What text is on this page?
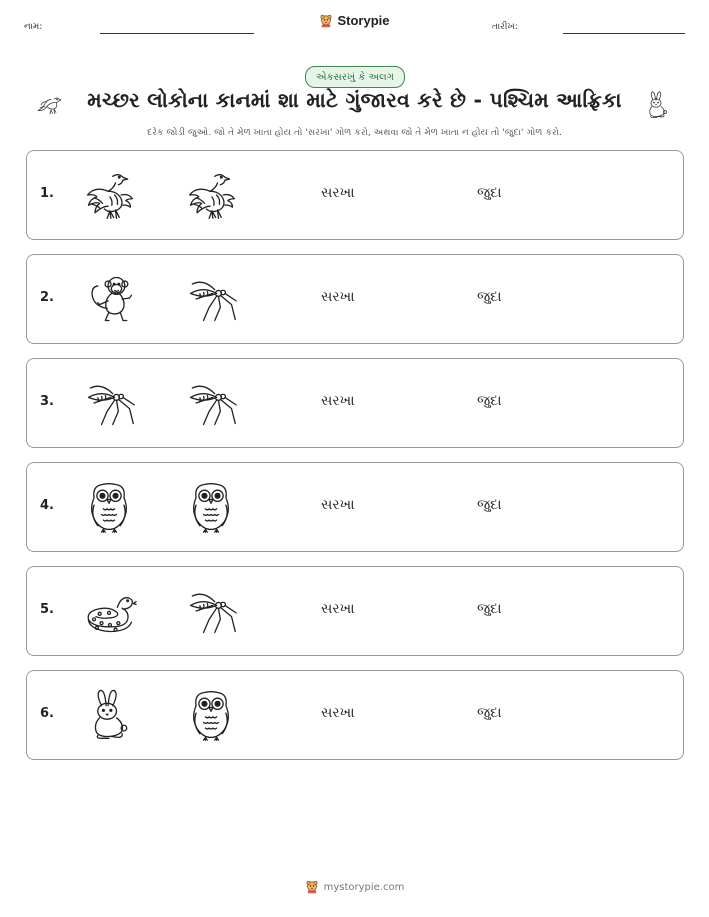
નામ:	Storypie	તારીખ:
એકસરખું કે અલગ
મચ્છર લોકોના કાનમાં શા માટે ગુંજારવ કરે છે - પશ્ચિમ આફ્રિકા
દરેક જોડી જુઓ. જો તે મેળ ખાતા હોય તો 'સરખા' ગોળ કરો, અથવા જો તે મેળ ખાતા ન હોય તો 'જુદા' ગોળ કરો.
1.	સરખા	જુદા
2.	સરખા	જુદા
3.	સરખા	જુદા
4.	સરખા	જુદા
5.	સરખા	જુદા
6.	સરખા	જુદા
mystorypie.com
